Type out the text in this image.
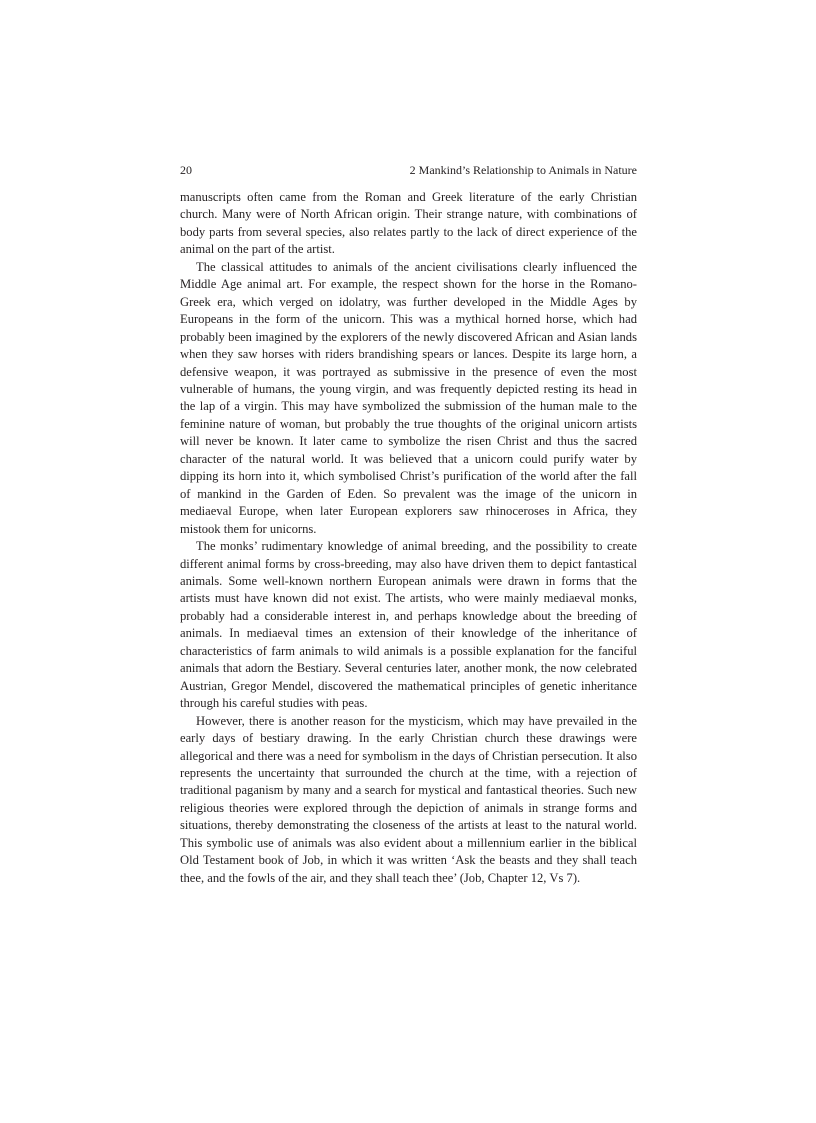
20	2 Mankind’s Relationship to Animals in Nature

manuscripts often came from the Roman and Greek literature of the early Christian church. Many were of North African origin. Their strange nature, with combinations of body parts from several species, also relates partly to the lack of direct experience of the animal on the part of the artist.

The classical attitudes to animals of the ancient civilisations clearly influenced the Middle Age animal art. For example, the respect shown for the horse in the Romano-Greek era, which verged on idolatry, was further developed in the Middle Ages by Europeans in the form of the unicorn. This was a mythical horned horse, which had probably been imagined by the explorers of the newly discovered African and Asian lands when they saw horses with riders brandishing spears or lances. Despite its large horn, a defensive weapon, it was portrayed as submissive in the presence of even the most vulnerable of humans, the young virgin, and was frequently depicted resting its head in the lap of a virgin. This may have symbolized the submission of the human male to the feminine nature of woman, but probably the true thoughts of the original unicorn artists will never be known. It later came to symbolize the risen Christ and thus the sacred character of the natural world. It was believed that a unicorn could purify water by dipping its horn into it, which symbolised Christ’s purification of the world after the fall of mankind in the Garden of Eden. So prevalent was the image of the unicorn in mediaeval Europe, when later European explorers saw rhinoceroses in Africa, they mistook them for unicorns.

The monks’ rudimentary knowledge of animal breeding, and the possibility to create different animal forms by cross-breeding, may also have driven them to depict fantastical animals. Some well-known northern European animals were drawn in forms that the artists must have known did not exist. The artists, who were mainly mediaeval monks, probably had a considerable interest in, and perhaps knowledge about the breeding of animals. In mediaeval times an extension of their knowledge of the inheritance of characteristics of farm animals to wild animals is a possible explanation for the fanciful animals that adorn the Bestiary. Several centuries later, another monk, the now celebrated Austrian, Gregor Mendel, discovered the mathematical principles of genetic inheritance through his careful studies with peas.

However, there is another reason for the mysticism, which may have prevailed in the early days of bestiary drawing. In the early Christian church these drawings were allegorical and there was a need for symbolism in the days of Christian persecution. It also represents the uncertainty that surrounded the church at the time, with a rejection of traditional paganism by many and a search for mystical and fantastical theories. Such new religious theories were explored through the depiction of animals in strange forms and situations, thereby demonstrating the closeness of the artists at least to the natural world. This symbolic use of animals was also evident about a millennium earlier in the biblical Old Testament book of Job, in which it was written ‘Ask the beasts and they shall teach thee, and the fowls of the air, and they shall teach thee’ (Job, Chapter 12, Vs 7).
